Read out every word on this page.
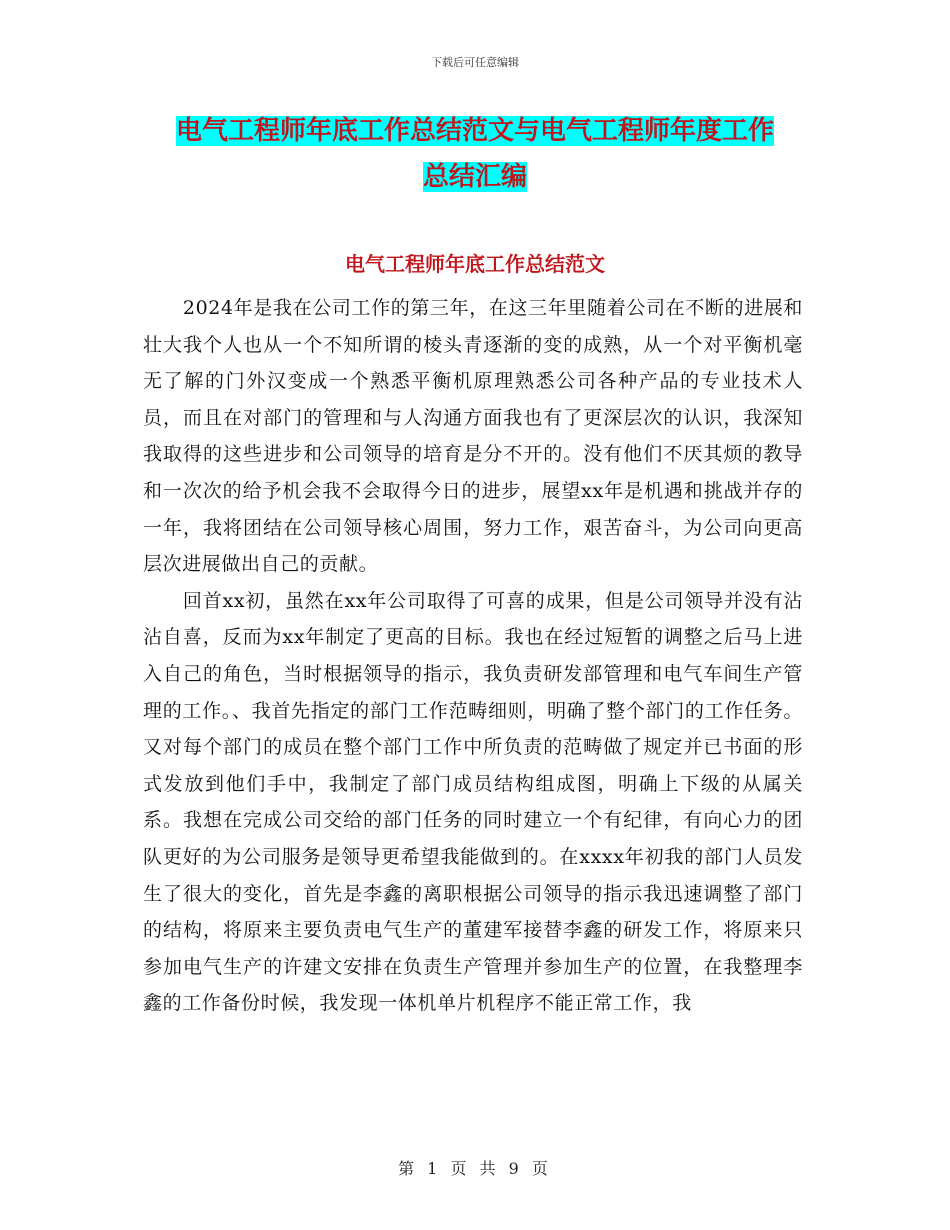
下载后可任意编辑
电气工程师年底工作总结范文与电气工程师年度工作
总结汇编
电气工程师年底工作总结范文

2024年是我在公司工作的第三年，在这三年里随着公司在不断的进展和壮大我个人也从一个不知所谓的棱头青逐渐的变的成熟，从一个对平衡机毫无了解的门外汉变成一个熟悉平衡机原理熟悉公司各种产品的专业技术人员，而且在对部门的管理和与人沟通方面我也有了更深层次的认识，我深知我取得的这些进步和公司领导的培育是分不开的。没有他们不厌其烦的教导和一次次的给予机会我不会取得今日的进步，展望xx年是机遇和挑战并存的一年，我将团结在公司领导核心周围，努力工作，艰苦奋斗，为公司向更高层次进展做出自己的贡献。

回首xx初，虽然在xx年公司取得了可喜的成果，但是公司领导并没有沾沾自喜，反而为xx年制定了更高的目标。我也在经过短暂的调整之后马上进入自己的角色，当时根据领导的指示，我负责研发部管理和电气车间生产管理的工作。、我首先指定的部门工作范畴细则，明确了整个部门的工作任务。又对每个部门的成员在整个部门工作中所负责的范畴做了规定并已书面的形式发放到他们手中，我制定了部门成员结构组成图，明确上下级的从属关系。我想在完成公司交给的部门任务的同时建立一个有纪律，有向心力的团队更好的为公司服务是领导更希望我能做到的。在xxxx年初我的部门人员发生了很大的变化，首先是李鑫的离职根据公司领导的指示我迅速调整了部门的结构，将原来主要负责电气生产的董建军接替李鑫的研发工作，将原来只参加电气生产的许建文安排在负责生产管理并参加生产的位置，在我整理李鑫的工作备份时候，我发现一体机单片机程序不能正常工作，我

第 1 页 共 9 页
